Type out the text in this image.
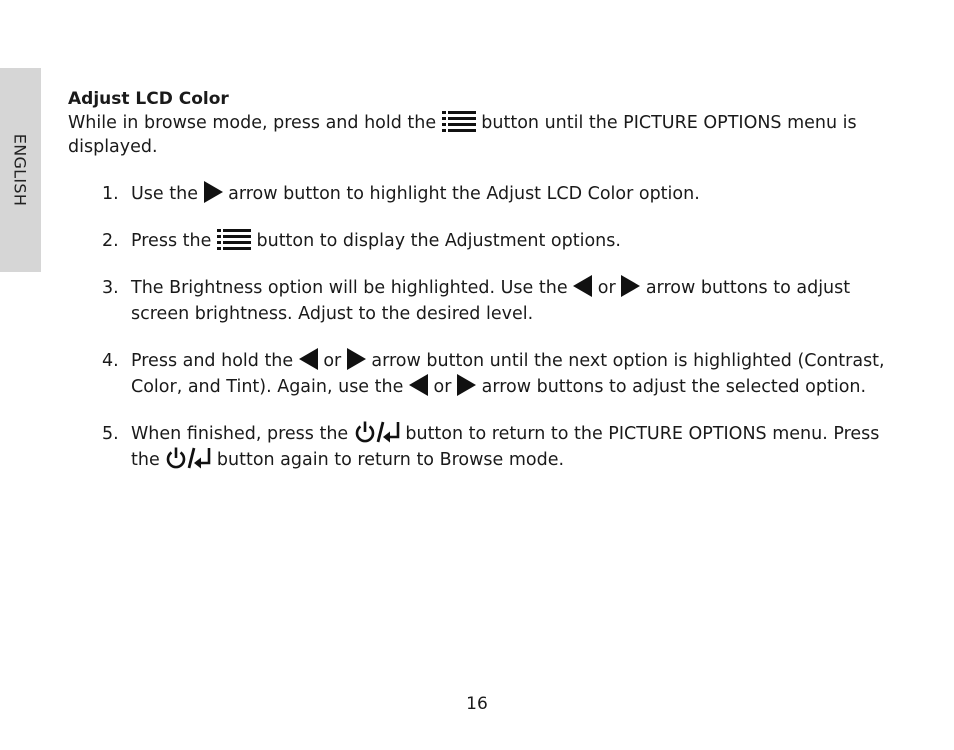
ENGLISH
Adjust LCD Color

While in browse mode, press and hold the	button until the PICTURE OPTIONS menu is displayed.

1. Use the arrow button to highlight the Adjust LCD Color option.
2. Press the	button to display the Adjustment options.
3. The Brightness option will be highlighted. Use the or arrow buttons to adjust screen brightness. Adjust to the desired level.
4. Press and hold the or arrow button until the next option is highlighted (Contrast, Color, and Tint). Again, use the or arrow buttons to adjust the selected option.
5. When finished, press the	button to return to the PICTURE OPTIONS menu. Press the	button again to return to Browse mode.
16
